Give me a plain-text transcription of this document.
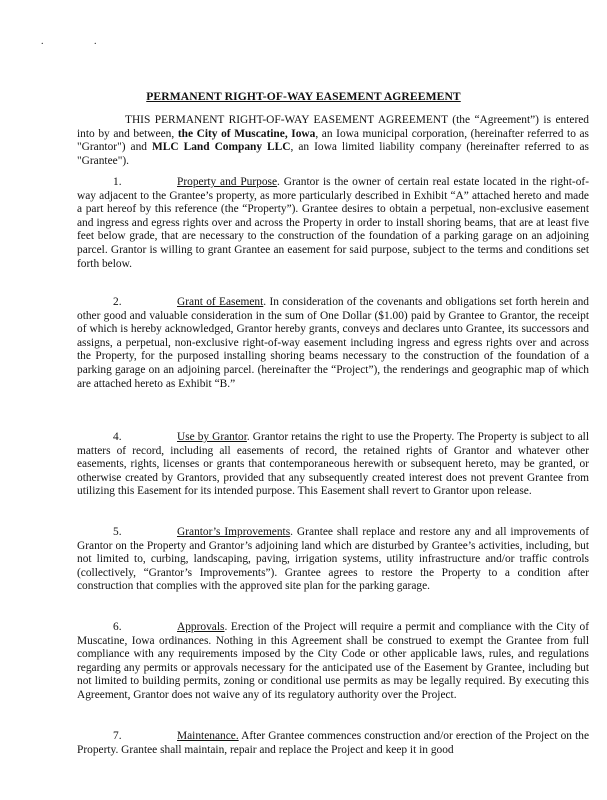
. .
PERMANENT RIGHT-OF-WAY EASEMENT AGREEMENT

THIS PERMANENT RIGHT-OF-WAY EASEMENT AGREEMENT (the “Agreement”) is entered into by and between, the City of Muscatine, Iowa, an Iowa municipal corporation, (hereinafter referred to as "Grantor") and MLC Land Company LLC, an Iowa limited liability company (hereinafter referred to as "Grantee").

1.	Property and Purpose. Grantor is the owner of certain real estate located in the right-of-way adjacent to the Grantee’s property, as more particularly described in Exhibit “A” attached hereto and made a part hereof by this reference (the “Property”). Grantee desires to obtain a perpetual, non-exclusive easement and ingress and egress rights over and across the Property in order to install shoring beams, that are at least five feet below grade, that are necessary to the construction of the foundation of a parking garage on an adjoining parcel. Grantor is willing to grant Grantee an easement for said purpose, subject to the terms and conditions set forth below.

2.	Grant of Easement. In consideration of the covenants and obligations set forth herein and other good and valuable consideration in the sum of One Dollar ($1.00) paid by Grantee to Grantor, the receipt of which is hereby acknowledged, Grantor hereby grants, conveys and declares unto Grantee, its successors and assigns, a perpetual, non-exclusive right-of-way easement including ingress and egress rights over and across the Property, for the purposed installing shoring beams necessary to the construction of the foundation of a parking garage on an adjoining parcel. (hereinafter the “Project”), the renderings and geographic map of which are attached hereto as Exhibit “B.”

4.	Use by Grantor. Grantor retains the right to use the Property. The Property is subject to all matters of record, including all easements of record, the retained rights of Grantor and whatever other easements, rights, licenses or grants that contemporaneous herewith or subsequent hereto, may be granted, or otherwise created by Grantors, provided that any subsequently created interest does not prevent Grantee from utilizing this Easement for its intended purpose. This Easement shall revert to Grantor upon release.

5.	Grantor’s Improvements. Grantee shall replace and restore any and all improvements of Grantor on the Property and Grantor’s adjoining land which are disturbed by Grantee’s activities, including, but not limited to, curbing, landscaping, paving, irrigation systems, utility infrastructure and/or traffic controls (collectively, “Grantor’s Improvements”). Grantee agrees to restore the Property to a condition after construction that complies with the approved site plan for the parking garage.

6.	Approvals. Erection of the Project will require a permit and compliance with the City of Muscatine, Iowa ordinances. Nothing in this Agreement shall be construed to exempt the Grantee from full compliance with any requirements imposed by the City Code or other applicable laws, rules, and regulations regarding any permits or approvals necessary for the anticipated use of the Easement by Grantee, including but not limited to building permits, zoning or conditional use permits as may be legally required. By executing this Agreement, Grantor does not waive any of its regulatory authority over the Project.

7.	Maintenance. After Grantee commences construction and/or erection of the Project on the Property. Grantee shall maintain, repair and replace the Project and keep it in good
